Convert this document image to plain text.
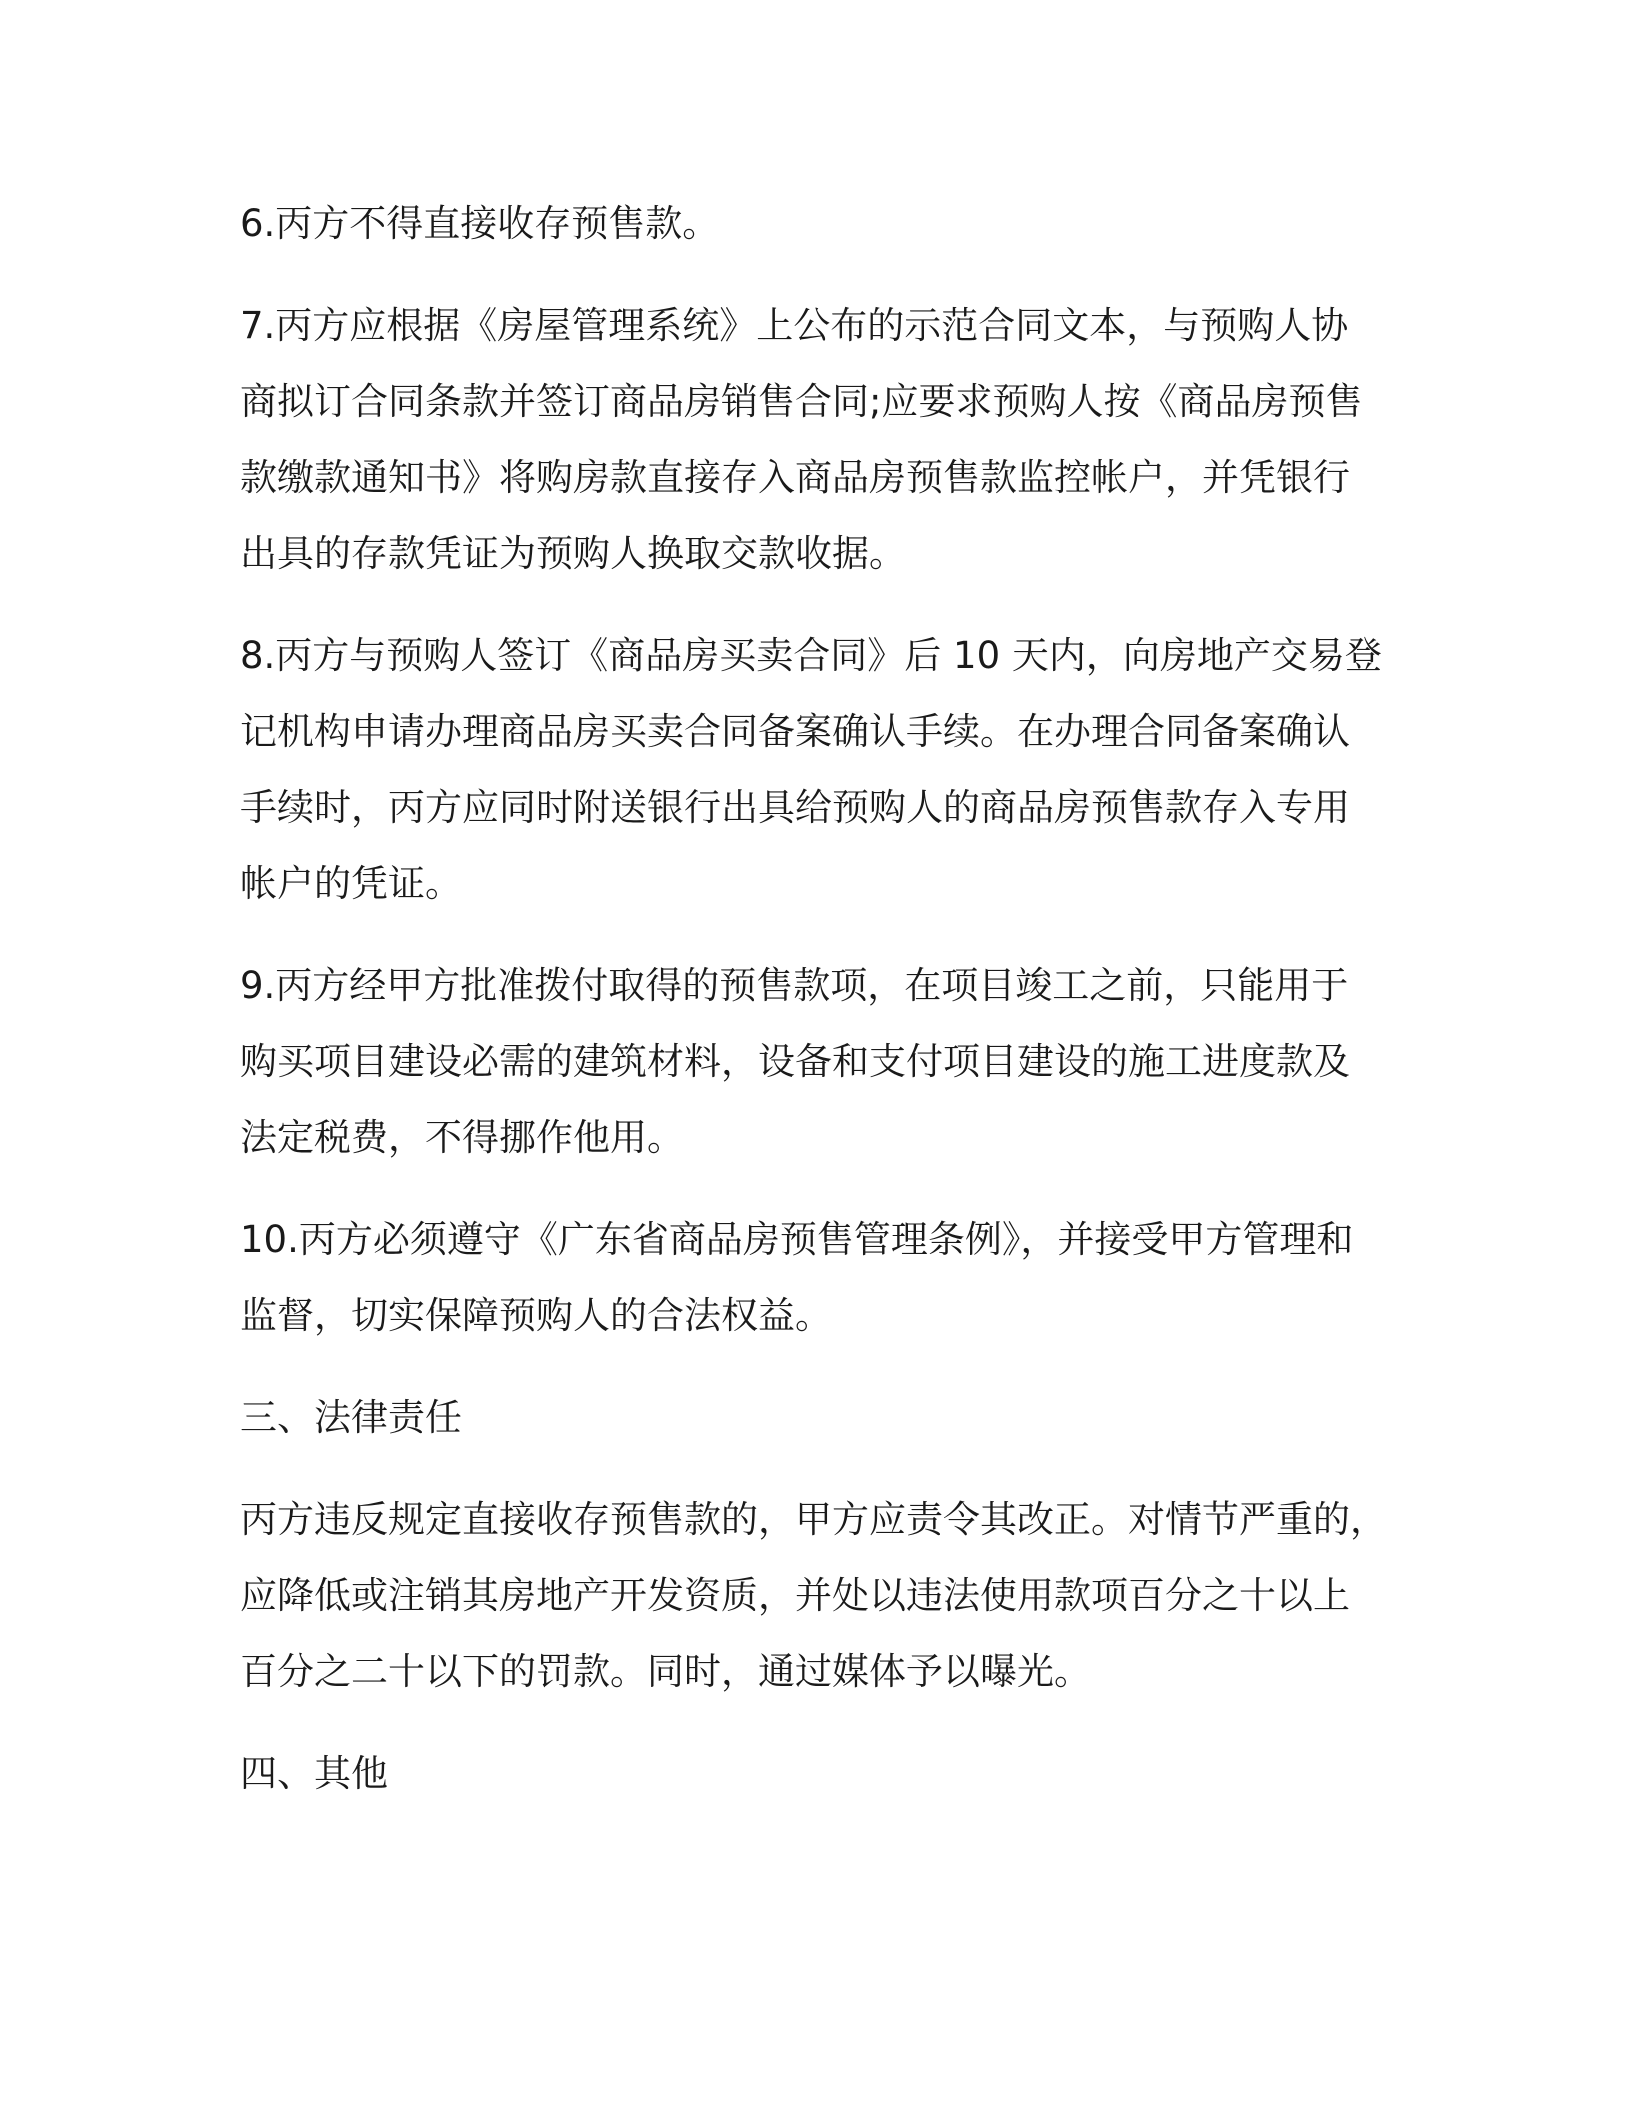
6.丙方不得直接收存预售款。

7.丙方应根据《房屋管理系统》上公布的示范合同文本，与预购人协
商拟订合同条款并签订商品房销售合同;应要求预购人按《商品房预售
款缴款通知书》将购房款直接存入商品房预售款监控帐户，并凭银行
出具的存款凭证为预购人换取交款收据。

8.丙方与预购人签订《商品房买卖合同》后 10 天内，向房地产交易登
记机构申请办理商品房买卖合同备案确认手续。在办理合同备案确认
手续时，丙方应同时附送银行出具给预购人的商品房预售款存入专用
帐户的凭证。

9.丙方经甲方批准拨付取得的预售款项，在项目竣工之前，只能用于
购买项目建设必需的建筑材料，设备和支付项目建设的施工进度款及
法定税费，不得挪作他用。

10.丙方必须遵守《广东省商品房预售管理条例》，并接受甲方管理和
监督，切实保障预购人的合法权益。

三、法律责任

丙方违反规定直接收存预售款的，甲方应责令其改正。对情节严重的，
应降低或注销其房地产开发资质，并处以违法使用款项百分之十以上
百分之二十以下的罚款。同时，通过媒体予以曝光。

四、其他
